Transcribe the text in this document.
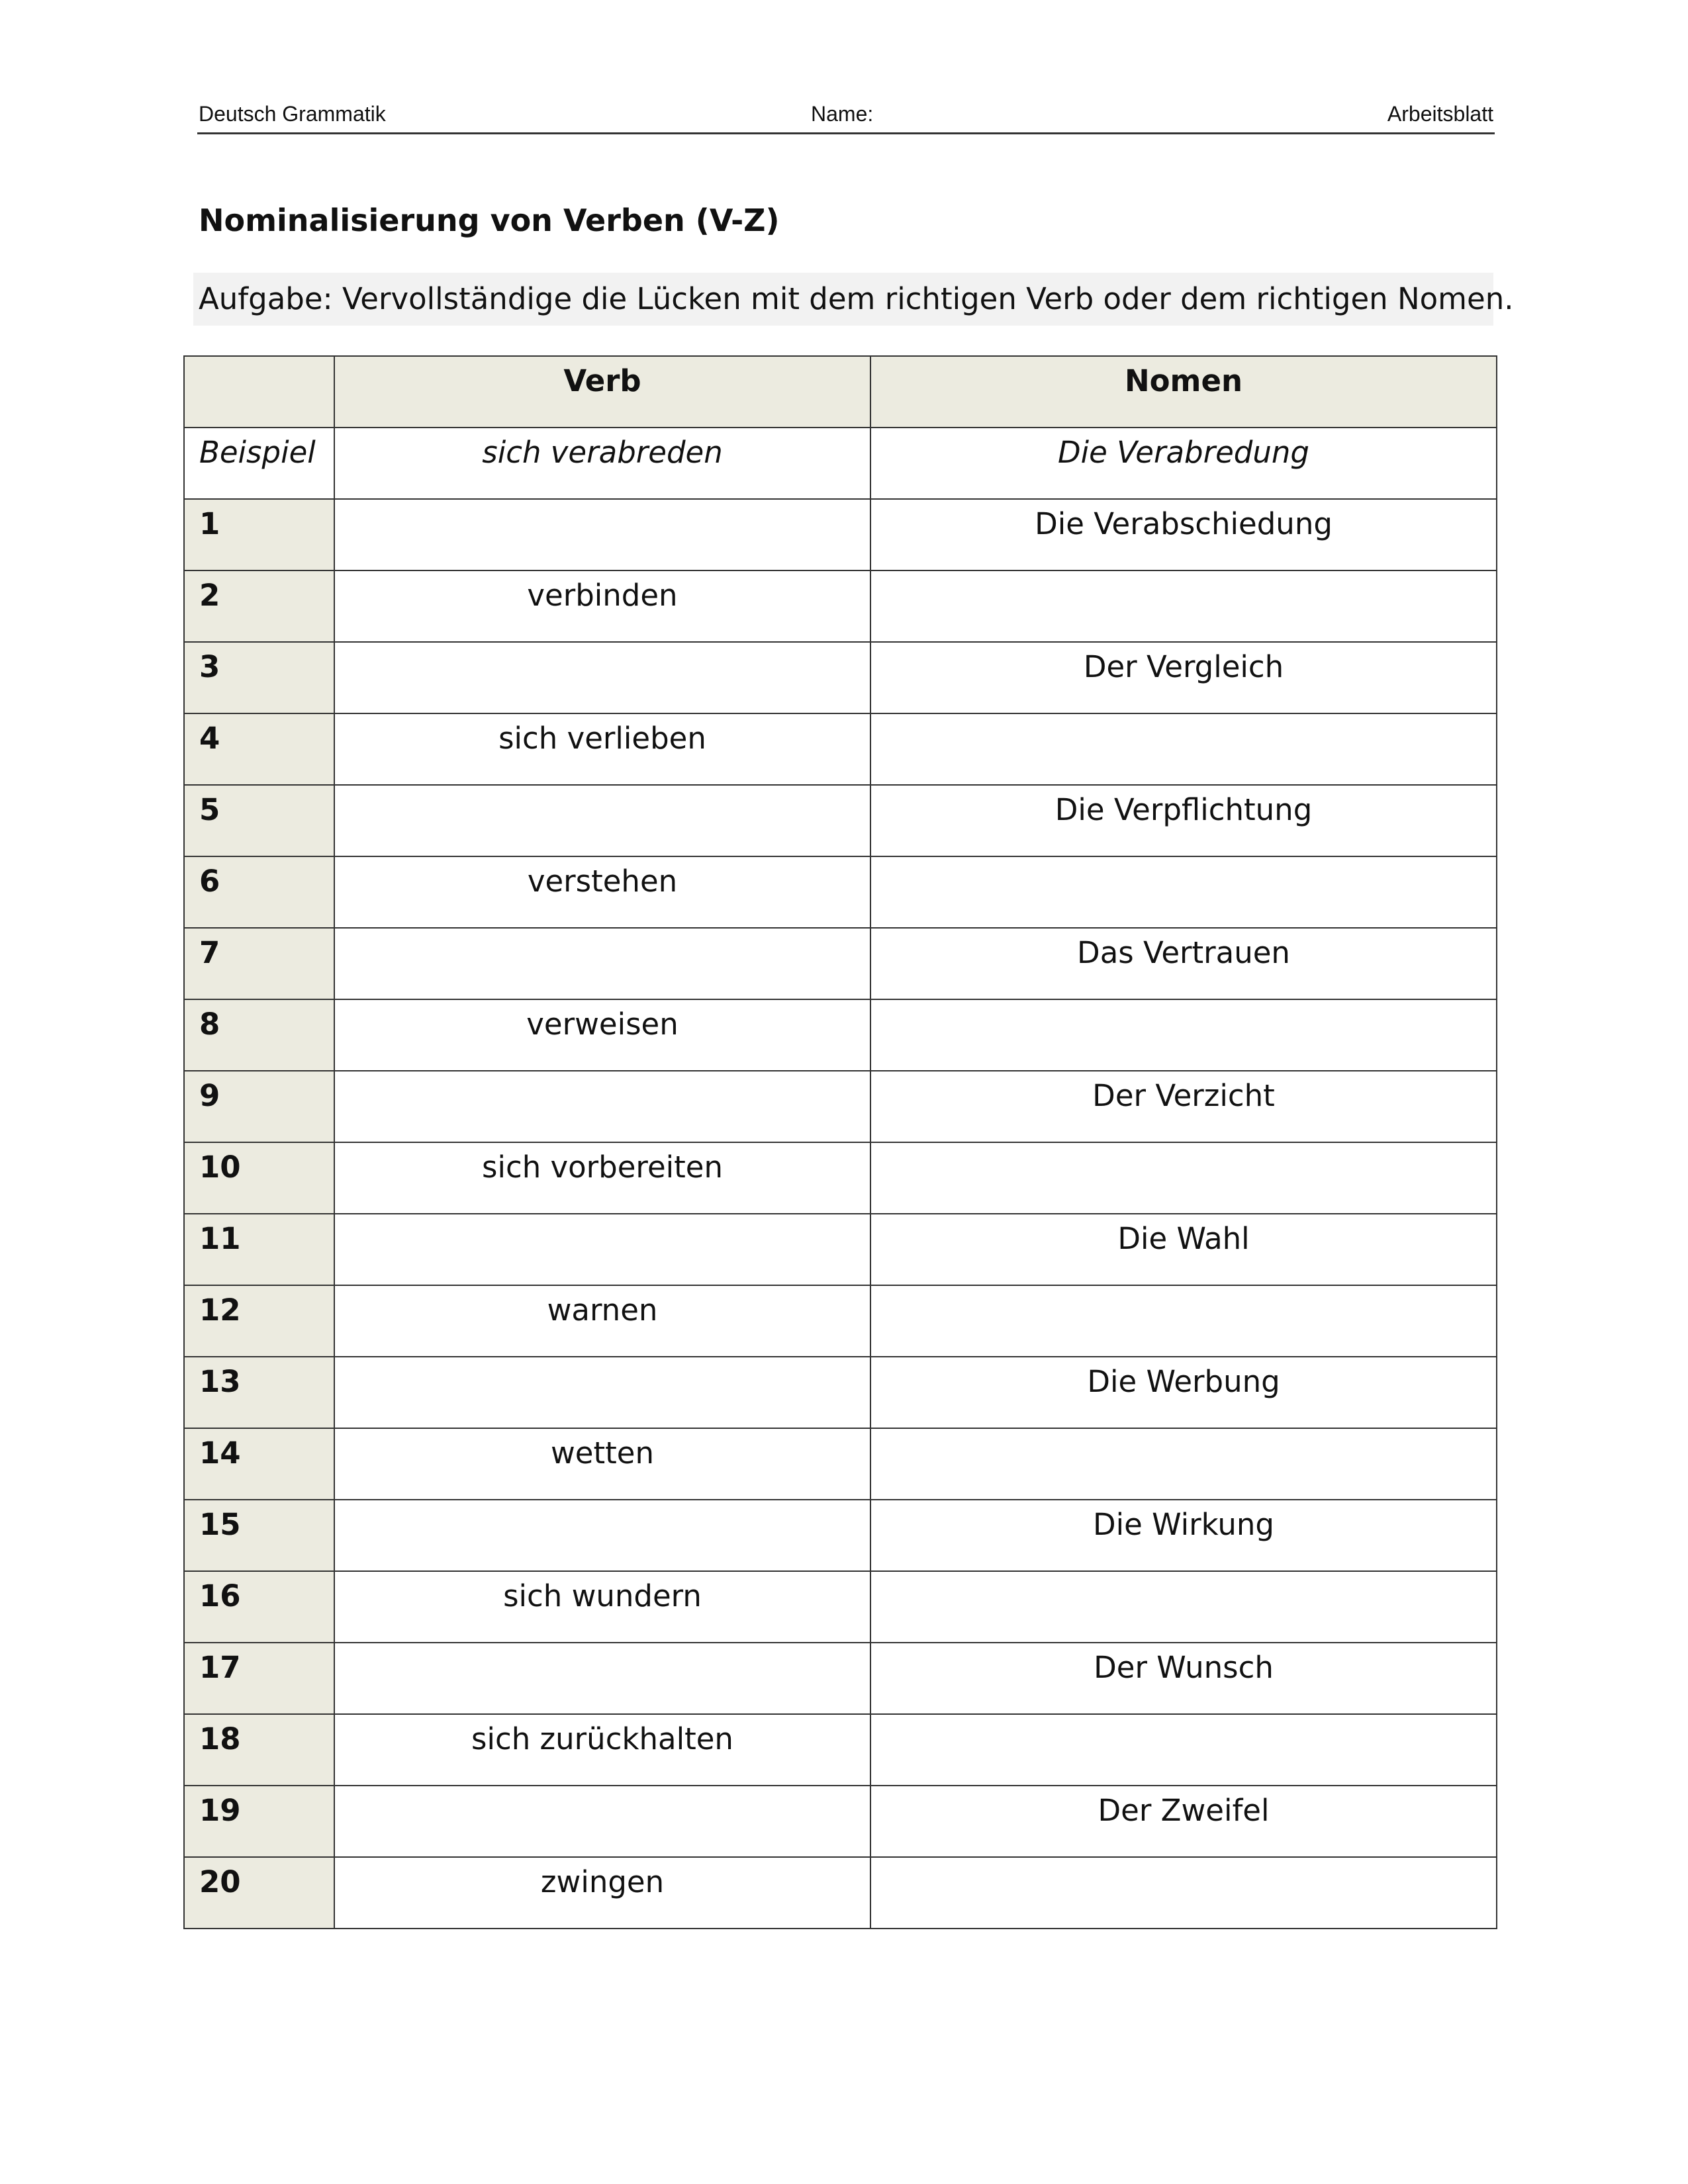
Deutsch Grammatik	Name:	Arbeitsblatt
Nominalisierung von Verben (V-Z)
Aufgabe: Vervollständige die Lücken mit dem richtigen Verb oder dem richtigen Nomen.
	Verb	Nomen
Beispiel	sich verabreden	Die Verabredung
1		Die Verabschiedung
2	verbinden	
3		Der Vergleich
4	sich verlieben	
5		Die Verpflichtung
6	verstehen	
7		Das Vertrauen
8	verweisen	
9		Der Verzicht
10	sich vorbereiten	
11		Die Wahl
12	warnen	
13		Die Werbung
14	wetten	
15		Die Wirkung
16	sich wundern	
17		Der Wunsch
18	sich zurückhalten	
19		Der Zweifel
20	zwingen	
